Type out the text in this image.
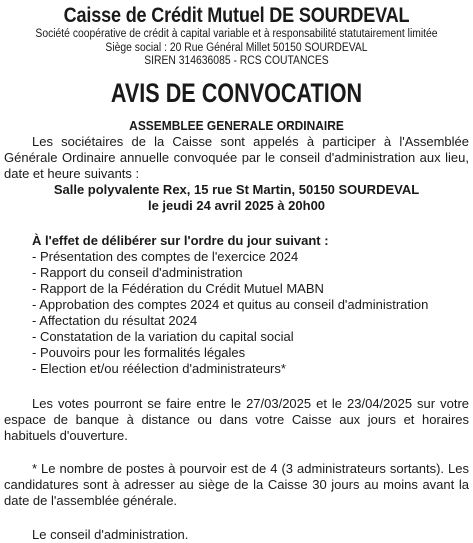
Caisse de Crédit Mutuel DE SOURDEVAL
Société coopérative de crédit à capital variable et à responsabilité statutairement limitée
Siège social : 20 Rue Général Millet 50150 SOURDEVAL
SIREN 314636085 - RCS COUTANCES
AVIS DE CONVOCATION
ASSEMBLEE GENERALE ORDINAIRE

Les sociétaires de la Caisse sont appelés à participer à l'Assemblée Générale Ordinaire annuelle convoquée par le conseil d'administration aux lieu, date et heure suivants :

Salle polyvalente Rex, 15 rue St Martin, 50150 SOURDEVAL
le jeudi 24 avril 2025 à 20h00
À l'effet de délibérer sur l'ordre du jour suivant :
- Présentation des comptes de l'exercice 2024
- Rapport du conseil d'administration
- Rapport de la Fédération du Crédit Mutuel MABN
- Approbation des comptes 2024 et quitus au conseil d'administration
- Affectation du résultat 2024
- Constatation de la variation du capital social
- Pouvoirs pour les formalités légales
- Election et/ou réélection d'administrateurs*

Les votes pourront se faire entre le 27/03/2025 et le 23/04/2025 sur votre espace de banque à distance ou dans votre Caisse aux jours et horaires habituels d'ouverture.

* Le nombre de postes à pourvoir est de 4 (3 administrateurs sortants). Les candidatures sont à adresser au siège de la Caisse 30 jours au moins avant la date de l'assemblée générale.

Le conseil d'administration.
